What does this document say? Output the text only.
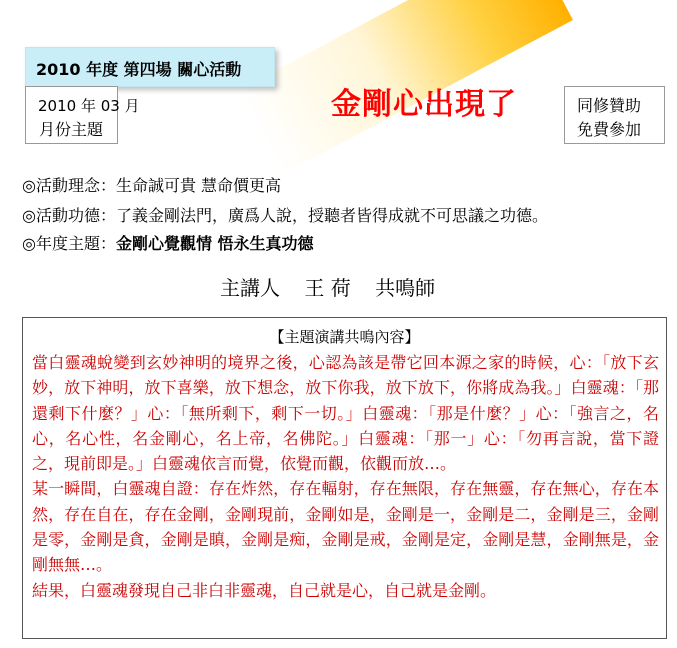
2010 年度 第四場 關心活動
2010 年 03 月
月份主題
金剛心出現了	同修贊助
免費參加
◎活動理念：生命誠可貴 慧命價更高
◎活動功德：了義金剛法門，廣爲人說，授聽者皆得成就不可思議之功德。
◎年度主題：金剛心覺觀情 悟永生真功德
主講人 王 荷 共鳴師
【主題演講共鳴內容】

當白靈魂蛻變到玄妙神明的境界之後，心認為該是帶它回本源之家的時候，心：「放下玄妙，放下神明，放下喜樂，放下想念，放下你我，放下放下，你將成為我。」白靈魂：「那還剩下什麼？」心：「無所剩下，剩下一切。」白靈魂：「那是什麼？」心：「強言之，名心，名心性，名金剛心，名上帝，名佛陀。」白靈魂：「那一」心：「勿再言說，當下證之，現前即是。」白靈魂依言而覺，依覺而觀，依觀而放…。

某一瞬間，白靈魂自證：存在炸然，存在輻射，存在無限，存在無靈，存在無心，存在本然，存在自在，存在金剛，金剛現前，金剛如是，金剛是一，金剛是二，金剛是三，金剛是零，金剛是貪，金剛是瞋，金剛是痴，金剛是戒，金剛是定，金剛是慧，金剛無是，金剛無無…。

結果，白靈魂發現自己非白非靈魂，自己就是心，自己就是金剛。
